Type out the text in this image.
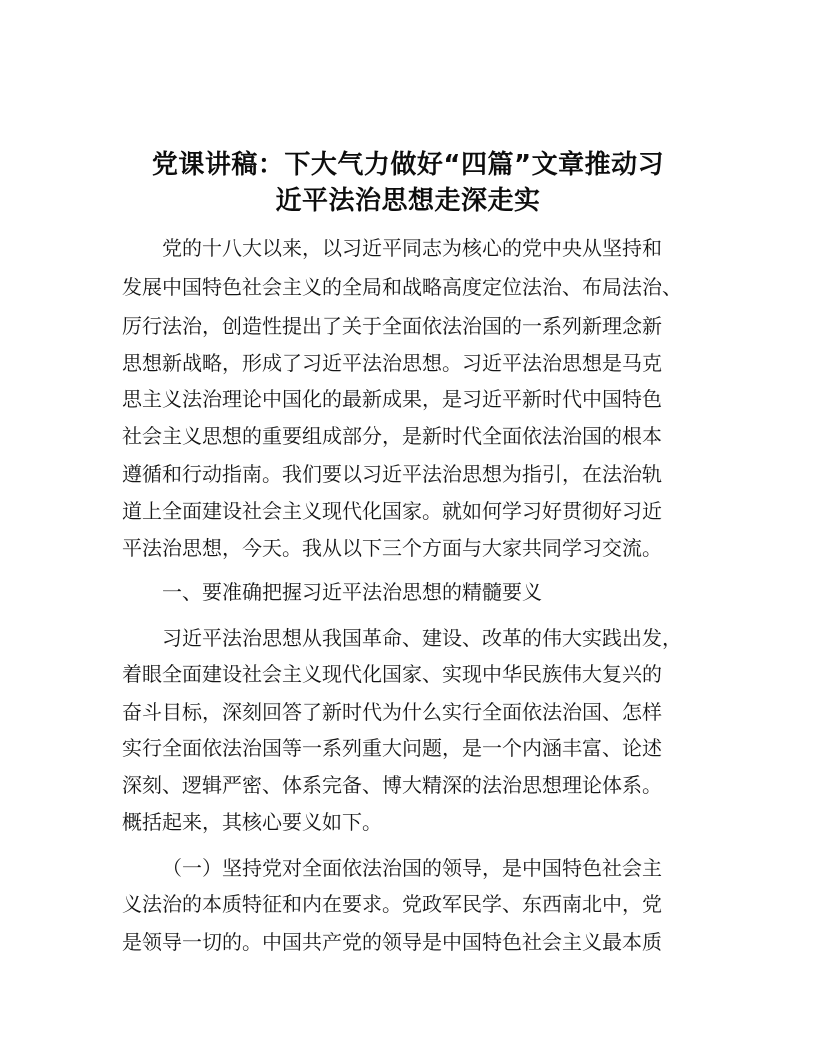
党课讲稿：下大气力做好“四篇”文章推动习
近平法治思想走深走实
党的十八大以来，以习近平同志为核心的党中央从坚持和
发展中国特色社会主义的全局和战略高度定位法治、布局法治、
厉行法治，创造性提出了关于全面依法治国的一系列新理念新
思想新战略，形成了习近平法治思想。习近平法治思想是马克
思主义法治理论中国化的最新成果，是习近平新时代中国特色
社会主义思想的重要组成部分，是新时代全面依法治国的根本
遵循和行动指南。我们要以习近平法治思想为指引，在法治轨
道上全面建设社会主义现代化国家。就如何学习好贯彻好习近
平法治思想，今天。我从以下三个方面与大家共同学习交流。
一、要准确把握习近平法治思想的精髓要义
习近平法治思想从我国革命、建设、改革的伟大实践出发，
着眼全面建设社会主义现代化国家、实现中华民族伟大复兴的
奋斗目标，深刻回答了新时代为什么实行全面依法治国、怎样
实行全面依法治国等一系列重大问题，是一个内涵丰富、论述
深刻、逻辑严密、体系完备、博大精深的法治思想理论体系。
概括起来，其核心要义如下。
（一）坚持党对全面依法治国的领导，是中国特色社会主
义法治的本质特征和内在要求。党政军民学、东西南北中，党
是领导一切的。中国共产党的领导是中国特色社会主义最本质
